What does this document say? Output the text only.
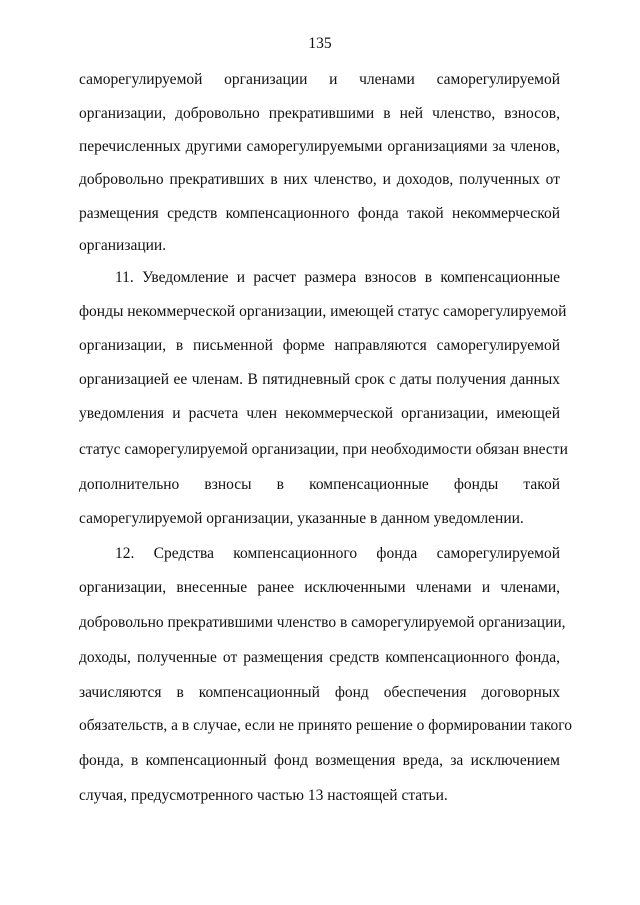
135
саморегулируемой организации и членами саморегулируемой
организации, добровольно прекратившими в ней членство, взносов,
перечисленных другими саморегулируемыми организациями за членов,
добровольно прекративших в них членство, и доходов, полученных от
размещения средств компенсационного фонда такой некоммерческой
организации.
11. Уведомление и расчет размера взносов в компенсационные
фонды некоммерческой организации, имеющей статус саморегулируемой
организации, в письменной форме направляются саморегулируемой
организацией ее членам. В пятидневный срок с даты получения данных
уведомления и расчета член некоммерческой организации, имеющей
статус саморегулируемой организации, при необходимости обязан внести
дополнительно взносы в компенсационные фонды такой
саморегулируемой организации, указанные в данном уведомлении.
12. Средства компенсационного фонда саморегулируемой
организации, внесенные ранее исключенными членами и членами,
добровольно прекратившими членство в саморегулируемой организации,
доходы, полученные от размещения средств компенсационного фонда,
зачисляются в компенсационный фонд обеспечения договорных
обязательств, а в случае, если не принято решение о формировании такого
фонда, в компенсационный фонд возмещения вреда, за исключением
случая, предусмотренного частью 13 настоящей статьи.
